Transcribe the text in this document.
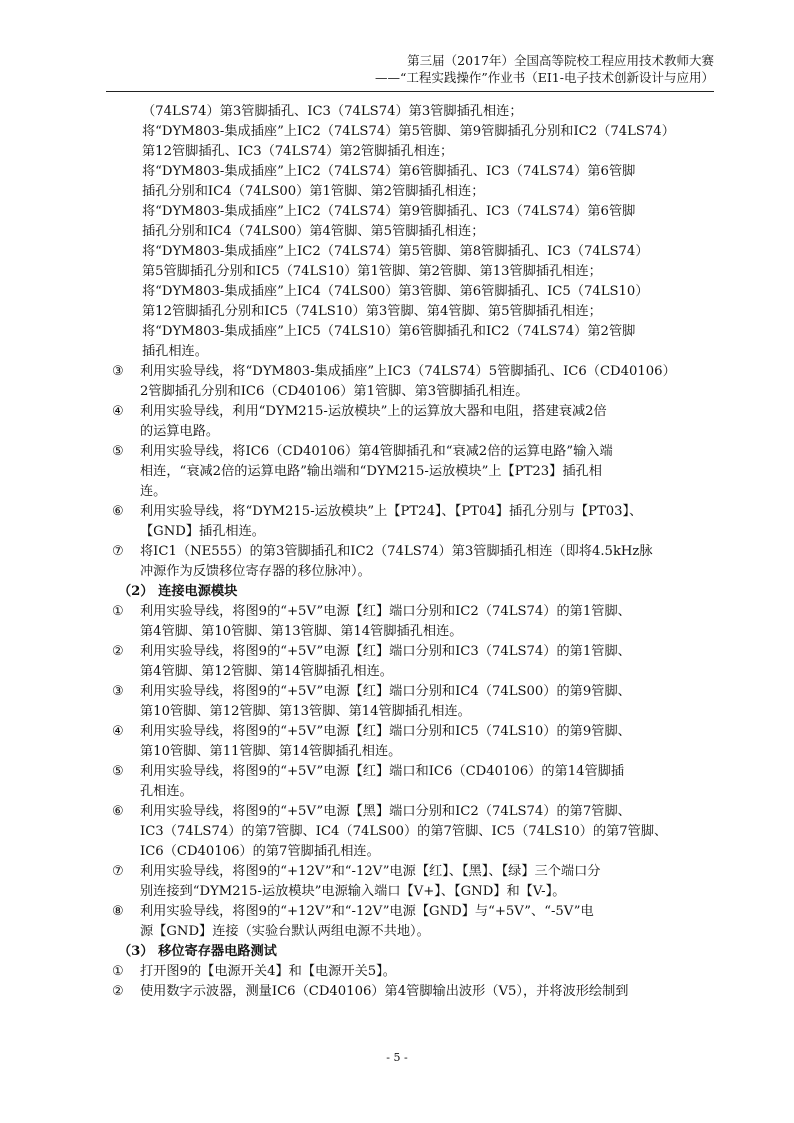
第三届（2017年）全国高等院校工程应用技术教师大赛
——“工程实践操作”作业书（EI1-电子技术创新设计与应用）

（74LS74）第3管脚插孔、IC3（74LS74）第3管脚插孔相连；

将“DYM803-集成插座”上IC2（74LS74）第5管脚、第9管脚插孔分别和IC2（74LS74）

第12管脚插孔、IC3（74LS74）第2管脚插孔相连；

将“DYM803-集成插座”上IC2（74LS74）第6管脚插孔、IC3（74LS74）第6管脚

插孔分别和IC4（74LS00）第1管脚、第2管脚插孔相连；

将“DYM803-集成插座”上IC2（74LS74）第9管脚插孔、IC3（74LS74）第6管脚

插孔分别和IC4（74LS00）第4管脚、第5管脚插孔相连；

将“DYM803-集成插座”上IC2（74LS74）第5管脚、第8管脚插孔、IC3（74LS74）

第5管脚插孔分别和IC5（74LS10）第1管脚、第2管脚、第13管脚插孔相连；

将“DYM803-集成插座”上IC4（74LS00）第3管脚、第6管脚插孔、IC5（74LS10）

第12管脚插孔分别和IC5（74LS10）第3管脚、第4管脚、第5管脚插孔相连；

将“DYM803-集成插座”上IC5（74LS10）第6管脚插孔和IC2（74LS74）第2管脚

插孔相连。

③	利用实验导线，将“DYM803-集成插座”上IC3（74LS74）5管脚插孔、IC6（CD40106）
2管脚插孔分别和IC6（CD40106）第1管脚、第3管脚插孔相连。
④	利用实验导线，利用“DYM215-运放模块”上的运算放大器和电阻，搭建衰减2倍
的运算电路。
⑤	利用实验导线，将IC6（CD40106）第4管脚插孔和“衰减2倍的运算电路”输入端
相连，“衰减2倍的运算电路”输出端和“DYM215-运放模块”上【PT23】插孔相
连。
⑥	利用实验导线，将“DYM215-运放模块”上【PT24】、【PT04】插孔分别与【PT03】、
【GND】插孔相连。
⑦	将IC1（NE555）的第3管脚插孔和IC2（74LS74）第3管脚插孔相连（即将4.5kHz脉
冲源作为反馈移位寄存器的移位脉冲）。

（2） 连接电源模块

①	利用实验导线，将图9的“+5V”电源【红】端口分别和IC2（74LS74）的第1管脚、
第4管脚、第10管脚、第13管脚、第14管脚插孔相连。
②	利用实验导线，将图9的“+5V”电源【红】端口分别和IC3（74LS74）的第1管脚、
第4管脚、第12管脚、第14管脚插孔相连。
③	利用实验导线，将图9的“+5V”电源【红】端口分别和IC4（74LS00）的第9管脚、
第10管脚、第12管脚、第13管脚、第14管脚插孔相连。
④	利用实验导线，将图9的“+5V”电源【红】端口分别和IC5（74LS10）的第9管脚、
第10管脚、第11管脚、第14管脚插孔相连。
⑤	利用实验导线，将图9的“+5V”电源【红】端口和IC6（CD40106）的第14管脚插
孔相连。
⑥	利用实验导线，将图9的“+5V”电源【黑】端口分别和IC2（74LS74）的第7管脚、
IC3（74LS74）的第7管脚、IC4（74LS00）的第7管脚、IC5（74LS10）的第7管脚、
IC6（CD40106）的第7管脚插孔相连。
⑦	利用实验导线，将图9的“+12V”和“-12V”电源【红】、【黑】、【绿】三个端口分
别连接到“DYM215-运放模块”电源输入端口【V+】、【GND】和【V-】。
⑧	利用实验导线，将图9的“+12V”和“-12V”电源【GND】与“+5V”、“-5V”电
源【GND】连接（实验台默认两组电源不共地）。

（3） 移位寄存器电路测试

①	打开图9的【电源开关4】和【电源开关5】。
②	使用数字示波器，测量IC6（CD40106）第4管脚输出波形（V5），并将波形绘制到
- 5 -
